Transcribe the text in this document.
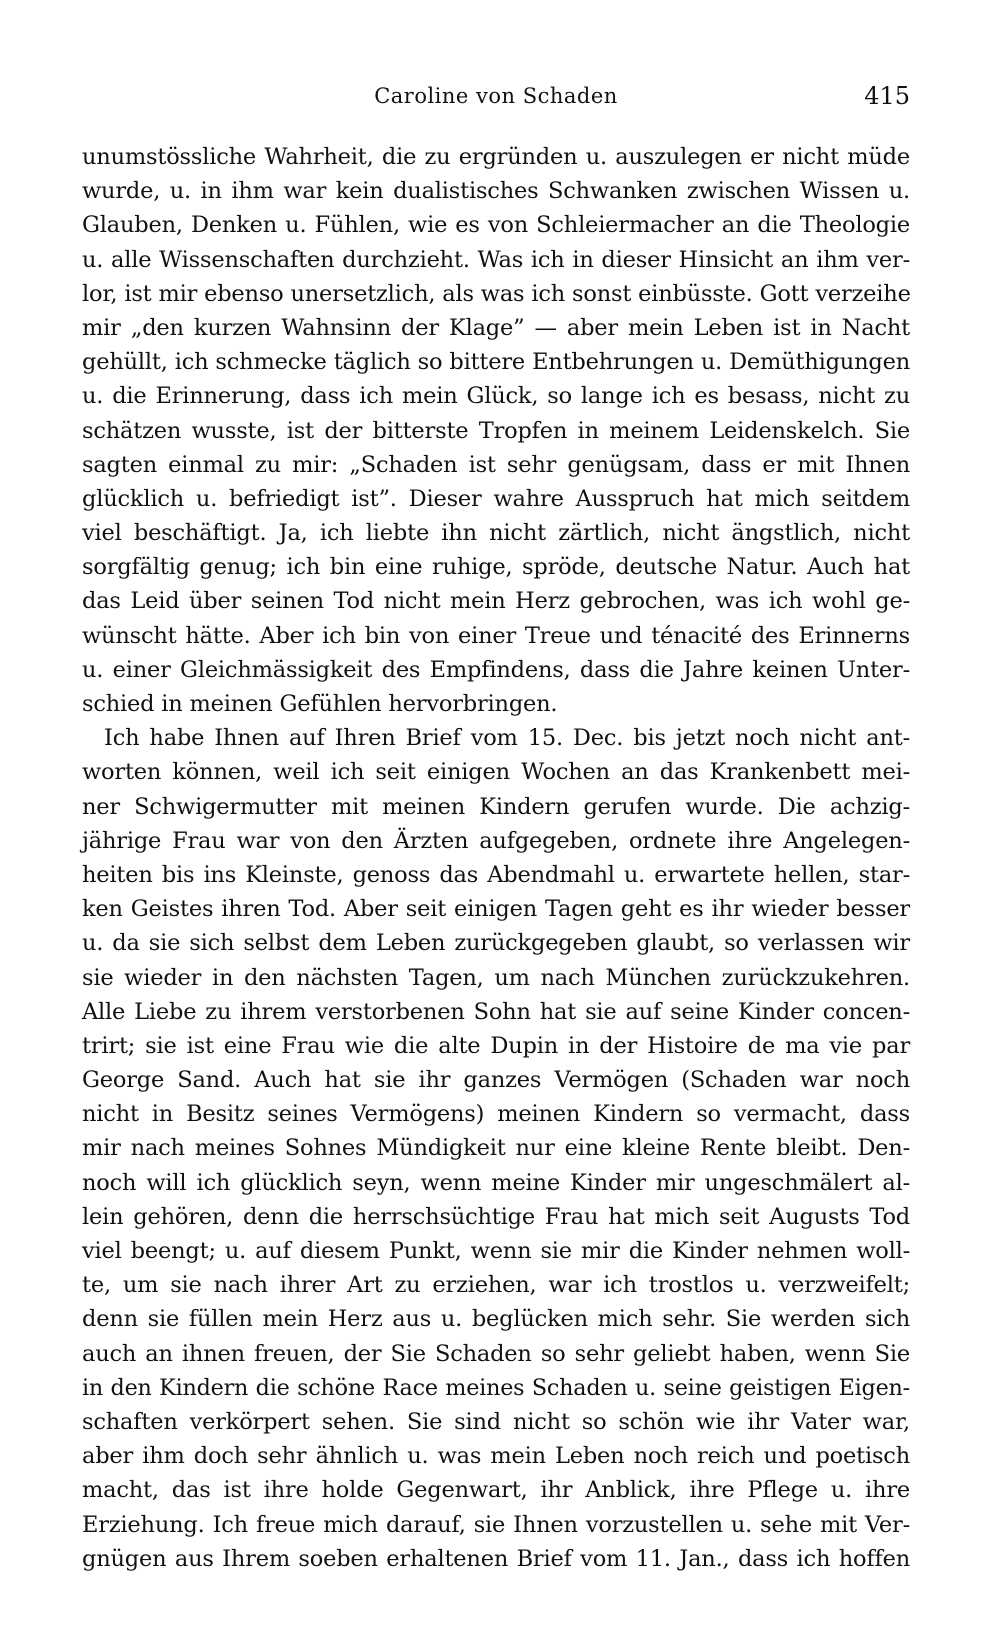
Caroline von Schaden	415
unumstössliche Wahrheit, die zu ergründen u. auszulegen er nicht müde
wurde, u. in ihm war kein dualistisches Schwanken zwischen Wissen u.
Glauben, Denken u. Fühlen, wie es von Schleiermacher an die Theologie
u. alle Wissenschaften durchzieht. Was ich in dieser Hinsicht an ihm ver-
lor, ist mir ebenso unersetzlich, als was ich sonst einbüsste. Gott verzeihe
mir „den kurzen Wahnsinn der Klage” — aber mein Leben ist in Nacht
gehüllt, ich schmecke täglich so bittere Entbehrungen u. Demüthigungen
u. die Erinnerung, dass ich mein Glück, so lange ich es besass, nicht zu
schätzen wusste, ist der bitterste Tropfen in meinem Leidenskelch. Sie
sagten einmal zu mir: „Schaden ist sehr genügsam, dass er mit Ihnen
glücklich u. befriedigt ist”. Dieser wahre Ausspruch hat mich seitdem
viel beschäftigt. Ja, ich liebte ihn nicht zärtlich, nicht ängstlich, nicht
sorgfältig genug; ich bin eine ruhige, spröde, deutsche Natur. Auch hat
das Leid über seinen Tod nicht mein Herz gebrochen, was ich wohl ge-
wünscht hätte. Aber ich bin von einer Treue und ténacité des Erinnerns
u. einer Gleichmässigkeit des Empfindens, dass die Jahre keinen Unter-
schied in meinen Gefühlen hervorbringen.
Ich habe Ihnen auf Ihren Brief vom 15. Dec. bis jetzt noch nicht ant-
worten können, weil ich seit einigen Wochen an das Krankenbett mei-
ner Schwigermutter mit meinen Kindern gerufen wurde. Die achzig-
jährige Frau war von den Ärzten aufgegeben, ordnete ihre Angelegen-
heiten bis ins Kleinste, genoss das Abendmahl u. erwartete hellen, star-
ken Geistes ihren Tod. Aber seit einigen Tagen geht es ihr wieder besser
u. da sie sich selbst dem Leben zurückgegeben glaubt, so verlassen wir
sie wieder in den nächsten Tagen, um nach München zurückzukehren.
Alle Liebe zu ihrem verstorbenen Sohn hat sie auf seine Kinder concen-
trirt; sie ist eine Frau wie die alte Dupin in der Histoire de ma vie par
George Sand. Auch hat sie ihr ganzes Vermögen (Schaden war noch
nicht in Besitz seines Vermögens) meinen Kindern so vermacht, dass
mir nach meines Sohnes Mündigkeit nur eine kleine Rente bleibt. Den-
noch will ich glücklich seyn, wenn meine Kinder mir ungeschmälert al-
lein gehören, denn die herrschsüchtige Frau hat mich seit Augusts Tod
viel beengt; u. auf diesem Punkt, wenn sie mir die Kinder nehmen woll-
te, um sie nach ihrer Art zu erziehen, war ich trostlos u. verzweifelt;
denn sie füllen mein Herz aus u. beglücken mich sehr. Sie werden sich
auch an ihnen freuen, der Sie Schaden so sehr geliebt haben, wenn Sie
in den Kindern die schöne Race meines Schaden u. seine geistigen Eigen-
schaften verkörpert sehen. Sie sind nicht so schön wie ihr Vater war,
aber ihm doch sehr ähnlich u. was mein Leben noch reich und poetisch
macht, das ist ihre holde Gegenwart, ihr Anblick, ihre Pflege u. ihre
Erziehung. Ich freue mich darauf, sie Ihnen vorzustellen u. sehe mit Ver-
gnügen aus Ihrem soeben erhaltenen Brief vom 11. Jan., dass ich hoffen
